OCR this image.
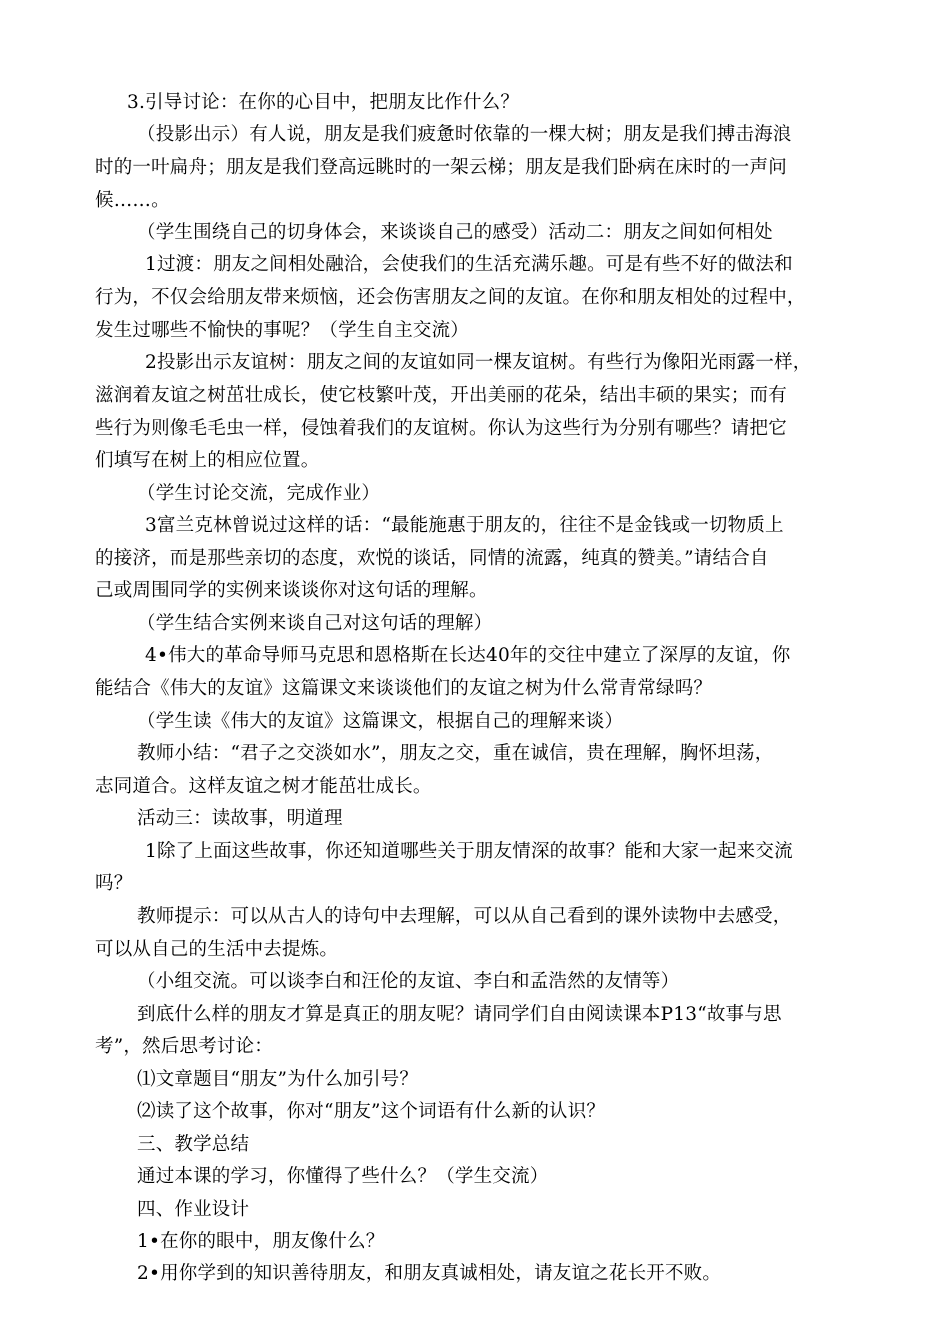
3.引导讨论：在你的心目中，把朋友比作什么？
（投影出示）有人说，朋友是我们疲惫时依靠的一棵大树；朋友是我们搏击海浪
时的一叶扁舟；朋友是我们登高远眺时的一架云梯；朋友是我们卧病在床时的一声问
候……。
（学生围绕自己的切身体会，来谈谈自己的感受）活动二：朋友之间如何相处
1过渡：朋友之间相处融洽，会使我们的生活充满乐趣。可是有些不好的做法和
行为，不仅会给朋友带来烦恼，还会伤害朋友之间的友谊。在你和朋友相处的过程中，
发生过哪些不愉快的事呢？（学生自主交流）
2投影出示友谊树：朋友之间的友谊如同一棵友谊树。有些行为像阳光雨露一样，
滋润着友谊之树茁壮成长，使它枝繁叶茂，开出美丽的花朵，结出丰硕的果实；而有
些行为则像毛毛虫一样，侵蚀着我们的友谊树。你认为这些行为分别有哪些？请把它
们填写在树上的相应位置。
（学生讨论交流，完成作业）
3富兰克林曾说过这样的话：“最能施惠于朋友的，往往不是金钱或一切物质上
的接济，而是那些亲切的态度，欢悦的谈话，同情的流露，纯真的赞美。”请结合自
己或周围同学的实例来谈谈你对这句话的理解。
（学生结合实例来谈自己对这句话的理解）
4•伟大的革命导师马克思和恩格斯在长达40年的交往中建立了深厚的友谊，你
能结合《伟大的友谊》这篇课文来谈谈他们的友谊之树为什么常青常绿吗？
（学生读《伟大的友谊》这篇课文，根据自己的理解来谈）
教师小结：“君子之交淡如水”，朋友之交，重在诚信，贵在理解，胸怀坦荡，
志同道合。这样友谊之树才能茁壮成长。
活动三：读故事，明道理
1除了上面这些故事，你还知道哪些关于朋友情深的故事？能和大家一起来交流
吗？
教师提示：可以从古人的诗句中去理解，可以从自己看到的课外读物中去感受，
可以从自己的生活中去提炼。
（小组交流。可以谈李白和汪伦的友谊、李白和孟浩然的友情等）
到底什么样的朋友才算是真正的朋友呢？请同学们自由阅读课本P13“故事与思
考”，然后思考讨论：
⑴文章题目“朋友”为什么加引号？
⑵读了这个故事，你对“朋友”这个词语有什么新的认识？
三、教学总结
通过本课的学习，你懂得了些什么？（学生交流）
四、作业设计
1•在你的眼中，朋友像什么？
2•用你学到的知识善待朋友，和朋友真诚相处，请友谊之花长开不败。
